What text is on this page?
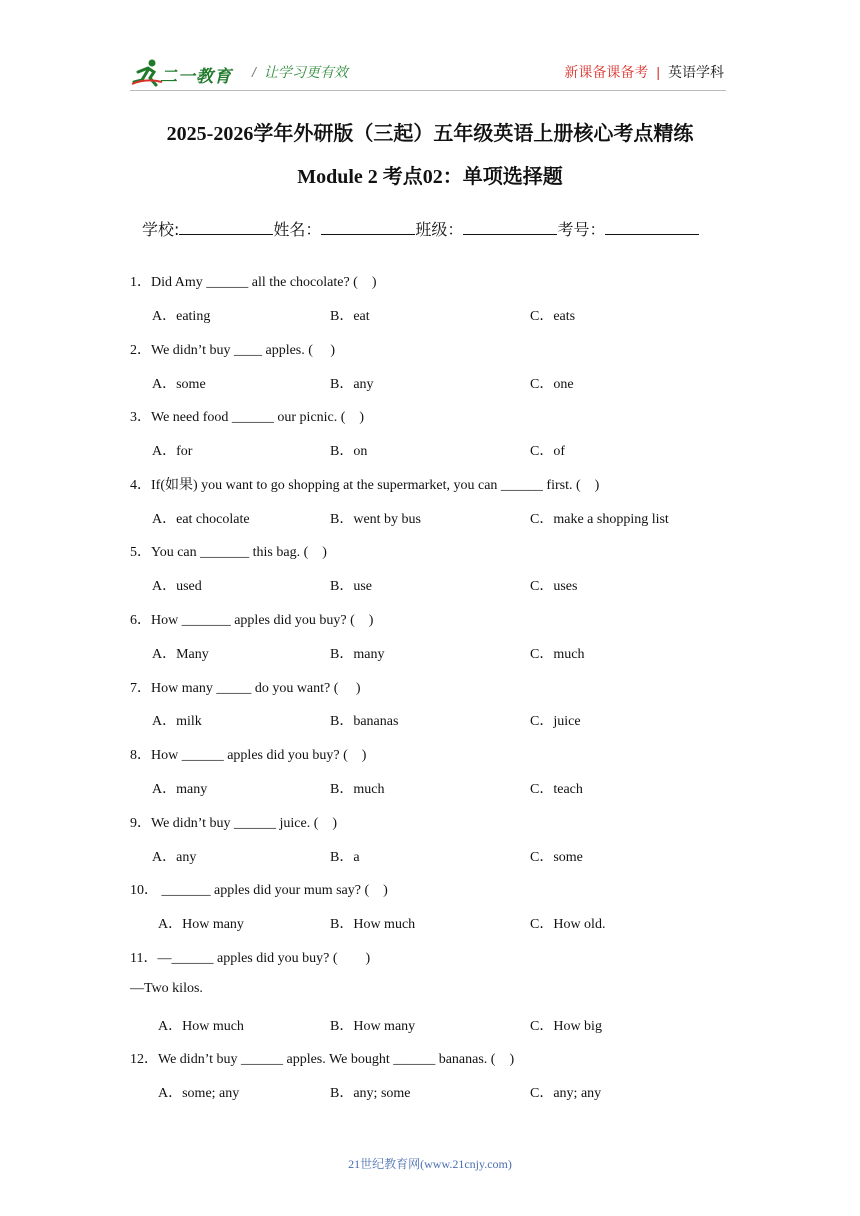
二一教育 / 让学习更有效	新课备课备考 | 英语学科
2025-2026学年外研版（三起）五年级英语上册核心考点精练
Module 2 考点02：单项选择题
学校:	姓名：	班级：	考号：
1．Did Amy ______ all the chocolate? (　)
A．eating	B．eat	C．eats
2．We didn’t buy ____ apples. (　 )
A．some	B．any	C．one
3．We need food ______ our picnic. (　)
A．for	B．on	C．of
4．If(如果) you want to go shopping at the supermarket, you can ______ first. (　)
A．eat chocolate	B．went by bus	C．make a shopping list
5．You can _______ this bag. (　)
A．used	B．use	C．uses
6．How _______ apples did you buy? (　)
A．Many	B．many	C．much
7．How many _____ do you want? (　 )
A．milk	B．bananas	C．juice
8．How ______ apples did you buy? (　)
A．many	B．much	C．teach
9．We didn’t buy ______ juice. (　)
A．any	B．a	C．some
10． _______ apples did your mum say? (　)
A．How many	B．How much	C．How old.
11．—______ apples did you buy? (　　)
—Two kilos.
A．How much	B．How many	C．How big
12．We didn’t buy ______ apples. We bought ______ bananas. (　)
A．some; any	B．any; some	C．any; any
21世纪教育网(www.21cnjy.com)
